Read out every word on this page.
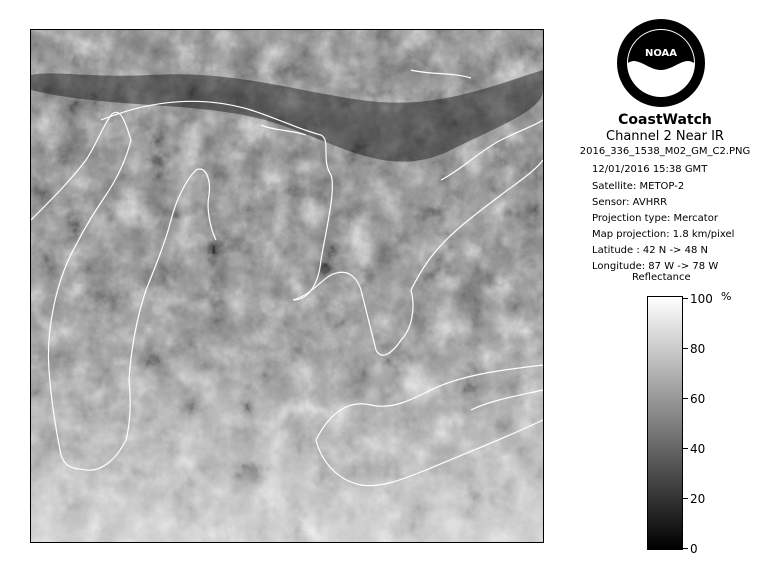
NOAA
CoastWatch
Channel 2 Near IR
2016_336_1538_M02_GM_C2.PNG
12/01/2016 15:38 GMT
Satellite: METOP-2
Sensor: AVHRR
Projection type: Mercator
Map projection: 1.8 km/pixel
Latitude : 42 N -> 48 N
Longitude: 87 W -> 78 W
Reflectance
%
100
80
60
40
20
0
